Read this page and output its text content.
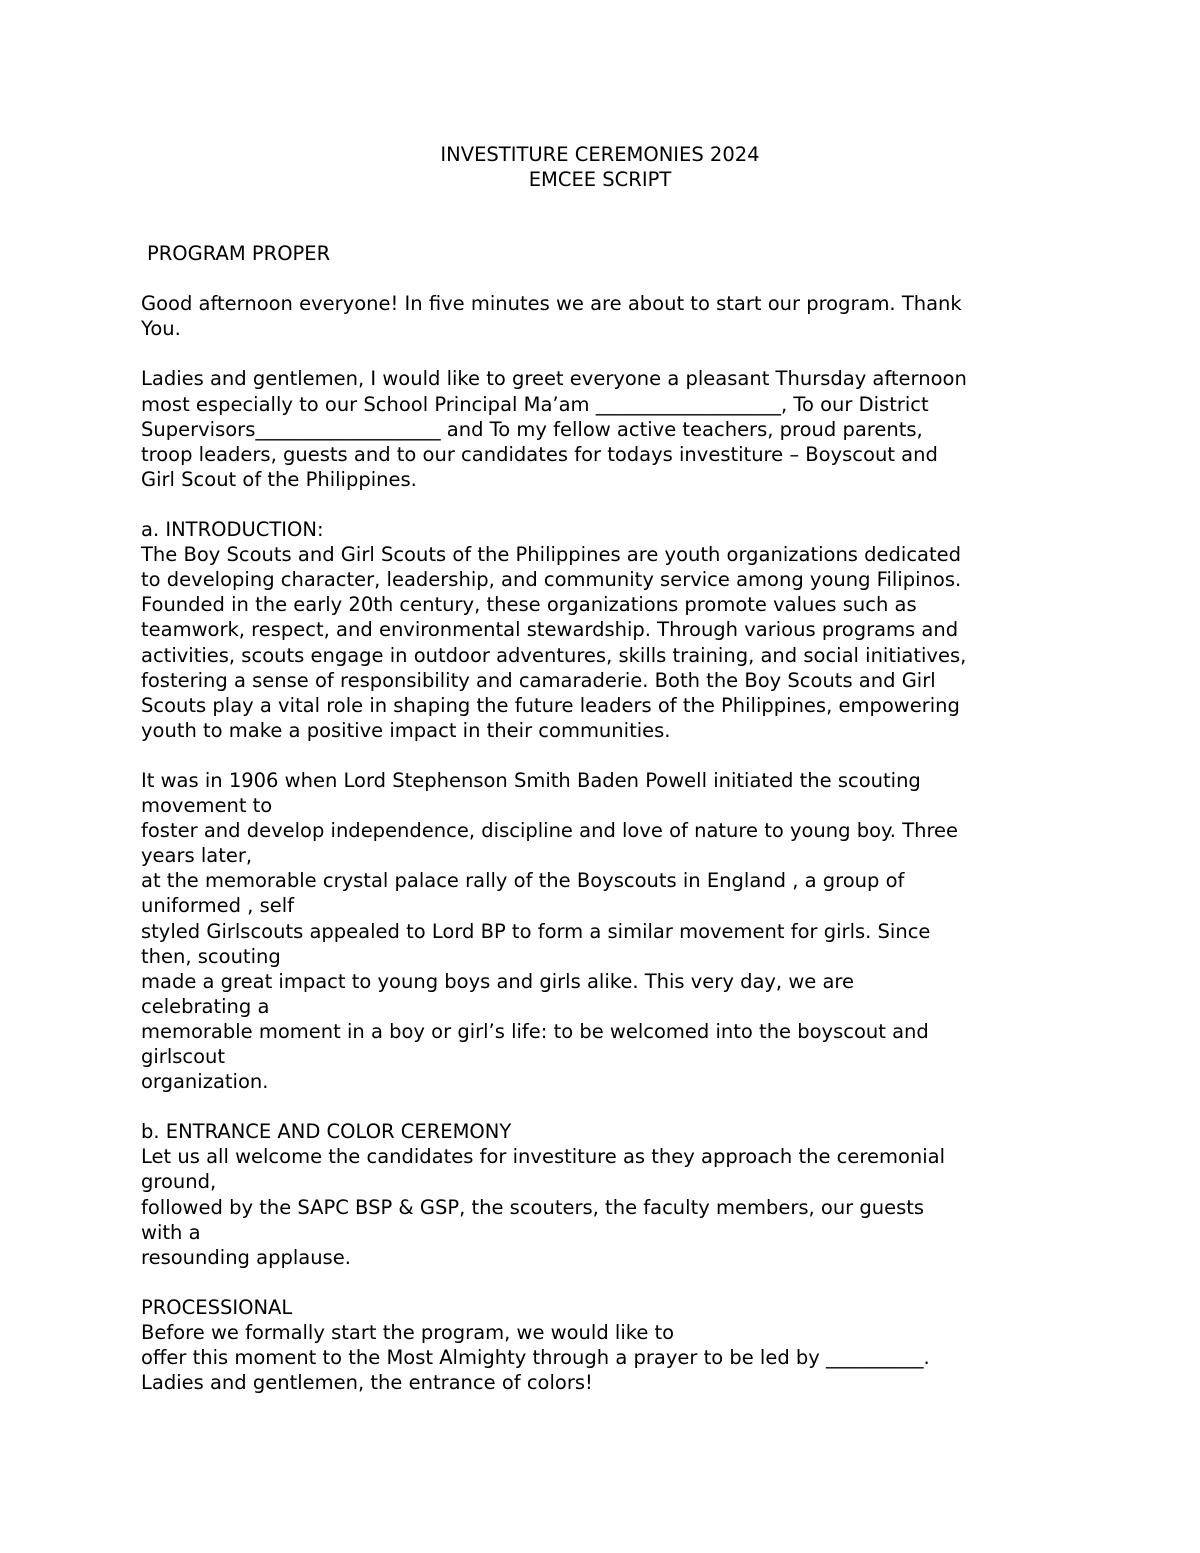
INVESTITURE CEREMONIES 2024
EMCEE SCRIPT
PROGRAM PROPER
Good afternoon everyone! In five minutes we are about to start our program. Thank
You.
Ladies and gentlemen, I would like to greet everyone a pleasant Thursday afternoon
most especially to our School Principal Ma’am ___________________, To our District
Supervisors___________________ and To my fellow active teachers, proud parents,
troop leaders, guests and to our candidates for todays investiture – Boyscout and
Girl Scout of the Philippines.
a. INTRODUCTION:
The Boy Scouts and Girl Scouts of the Philippines are youth organizations dedicated
to developing character, leadership, and community service among young Filipinos.
Founded in the early 20th century, these organizations promote values such as
teamwork, respect, and environmental stewardship. Through various programs and
activities, scouts engage in outdoor adventures, skills training, and social initiatives,
fostering a sense of responsibility and camaraderie. Both the Boy Scouts and Girl
Scouts play a vital role in shaping the future leaders of the Philippines, empowering
youth to make a positive impact in their communities.
It was in 1906 when Lord Stephenson Smith Baden Powell initiated the scouting
movement to
foster and develop independence, discipline and love of nature to young boy. Three
years later,
at the memorable crystal palace rally of the Boyscouts in England , a group of
uniformed , self
styled Girlscouts appealed to Lord BP to form a similar movement for girls. Since
then, scouting
made a great impact to young boys and girls alike. This very day, we are
celebrating a
memorable moment in a boy or girl’s life: to be welcomed into the boyscout and
girlscout
organization.
b. ENTRANCE AND COLOR CEREMONY
Let us all welcome the candidates for investiture as they approach the ceremonial
ground,
followed by the SAPC BSP & GSP, the scouters, the faculty members, our guests
with a
resounding applause.
PROCESSIONAL
Before we formally start the program, we would like to
offer this moment to the Most Almighty through a prayer to be led by __________.
Ladies and gentlemen, the entrance of colors!
